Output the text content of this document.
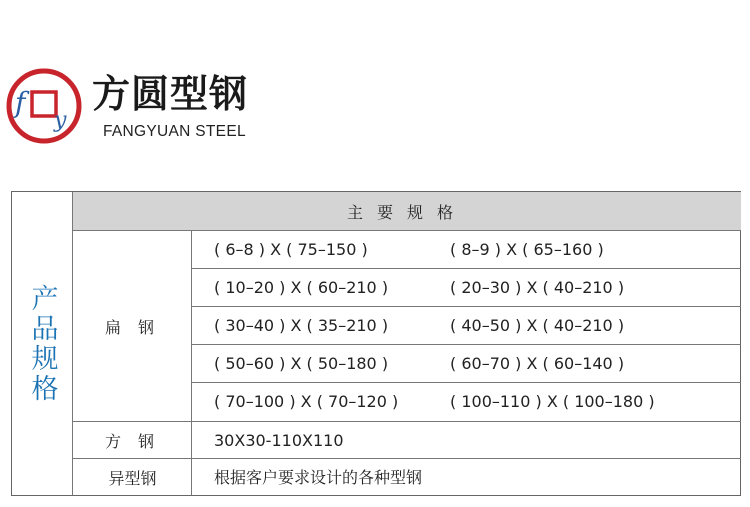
f
y
方圆型钢
FANGYUAN STEEL
产品规格
主要规格
扁 钢
( 6–8 ) X ( 75–150 )	( 8–9 ) X ( 65–160 )
( 10–20 ) X ( 60–210 )	( 20–30 ) X ( 40–210 )
( 30–40 ) X ( 35–210 )	( 40–50 ) X ( 40–210 )
( 50–60 ) X ( 50–180 )	( 60–70 ) X ( 60–140 )
( 70–100 ) X ( 70–120 )	( 100–110 ) X ( 100–180 )
方 钢	30X30-110X110
异型钢	根据客户要求设计的各种型钢
